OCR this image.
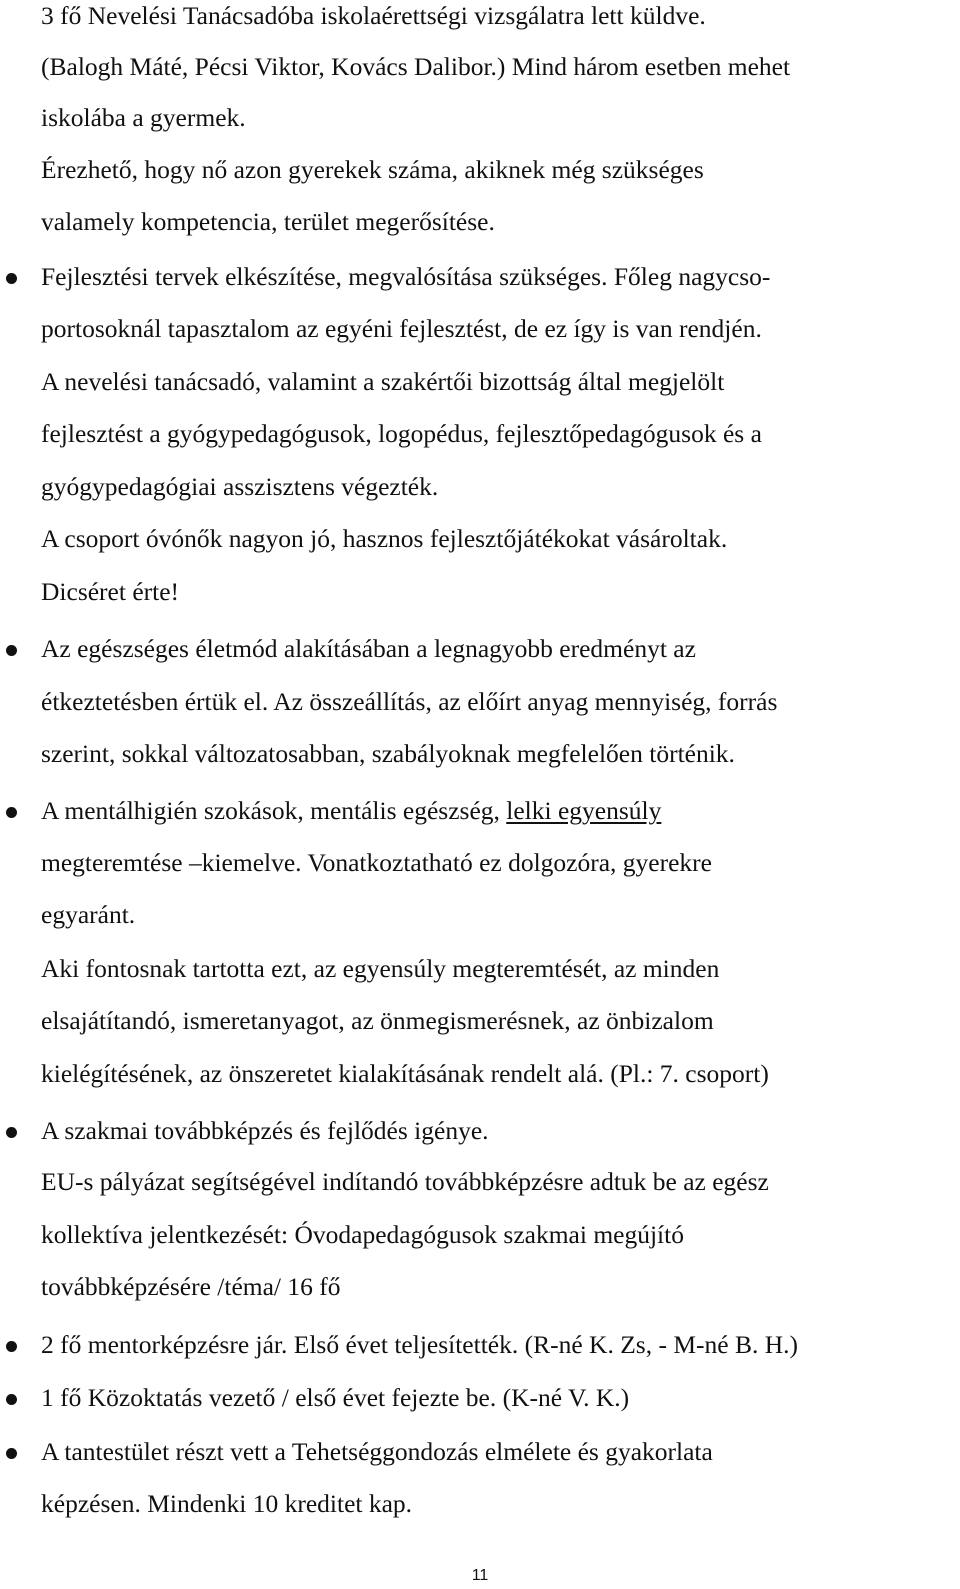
3 fő Nevelési Tanácsadóba iskolaérettségi vizsgálatra lett küldve.
(Balogh Máté, Pécsi Viktor, Kovács Dalibor.) Mind három esetben mehet
iskolába a gyermek.
Érezhető, hogy nő azon gyerekek száma, akiknek még szükséges
valamely kompetencia, terület megerősítése.
Fejlesztési tervek elkészítése, megvalósítása szükséges. Főleg nagycso-
portosoknál tapasztalom az egyéni fejlesztést, de ez így is van rendjén.
A nevelési tanácsadó, valamint a szakértői bizottság által megjelölt
fejlesztést a gyógypedagógusok, logopédus, fejlesztőpedagógusok és a
gyógypedagógiai asszisztens végezték.
A csoport óvónők nagyon jó, hasznos fejlesztőjátékokat vásároltak.
Dicséret érte!
Az egészséges életmód alakításában a legnagyobb eredményt az
étkeztetésben értük el. Az összeállítás, az előírt anyag mennyiség, forrás
szerint, sokkal változatosabban, szabályoknak megfelelően történik.
A mentálhigién szokások, mentális egészség, lelki egyensúly
megteremtése –kiemelve. Vonatkoztatható ez dolgozóra, gyerekre
egyaránt.
Aki fontosnak tartotta ezt, az egyensúly megteremtését, az minden
elsajátítandó, ismeretanyagot, az önmegismerésnek, az önbizalom
kielégítésének, az önszeretet kialakításának rendelt alá. (Pl.: 7. csoport)
A szakmai továbbképzés és fejlődés igénye.
EU-s pályázat segítségével indítandó továbbképzésre adtuk be az egész
kollektíva jelentkezését: Óvodapedagógusok szakmai megújító
továbbképzésére /téma/ 16 fő
2 fő mentorképzésre jár. Első évet teljesítették. (R-né K. Zs, - M-né B. H.)
1 fő Közoktatás vezető / első évet fejezte be. (K-né V. K.)
A tantestület részt vett a Tehetséggondozás elmélete és gyakorlata
képzésen. Mindenki 10 kreditet kap.
11
